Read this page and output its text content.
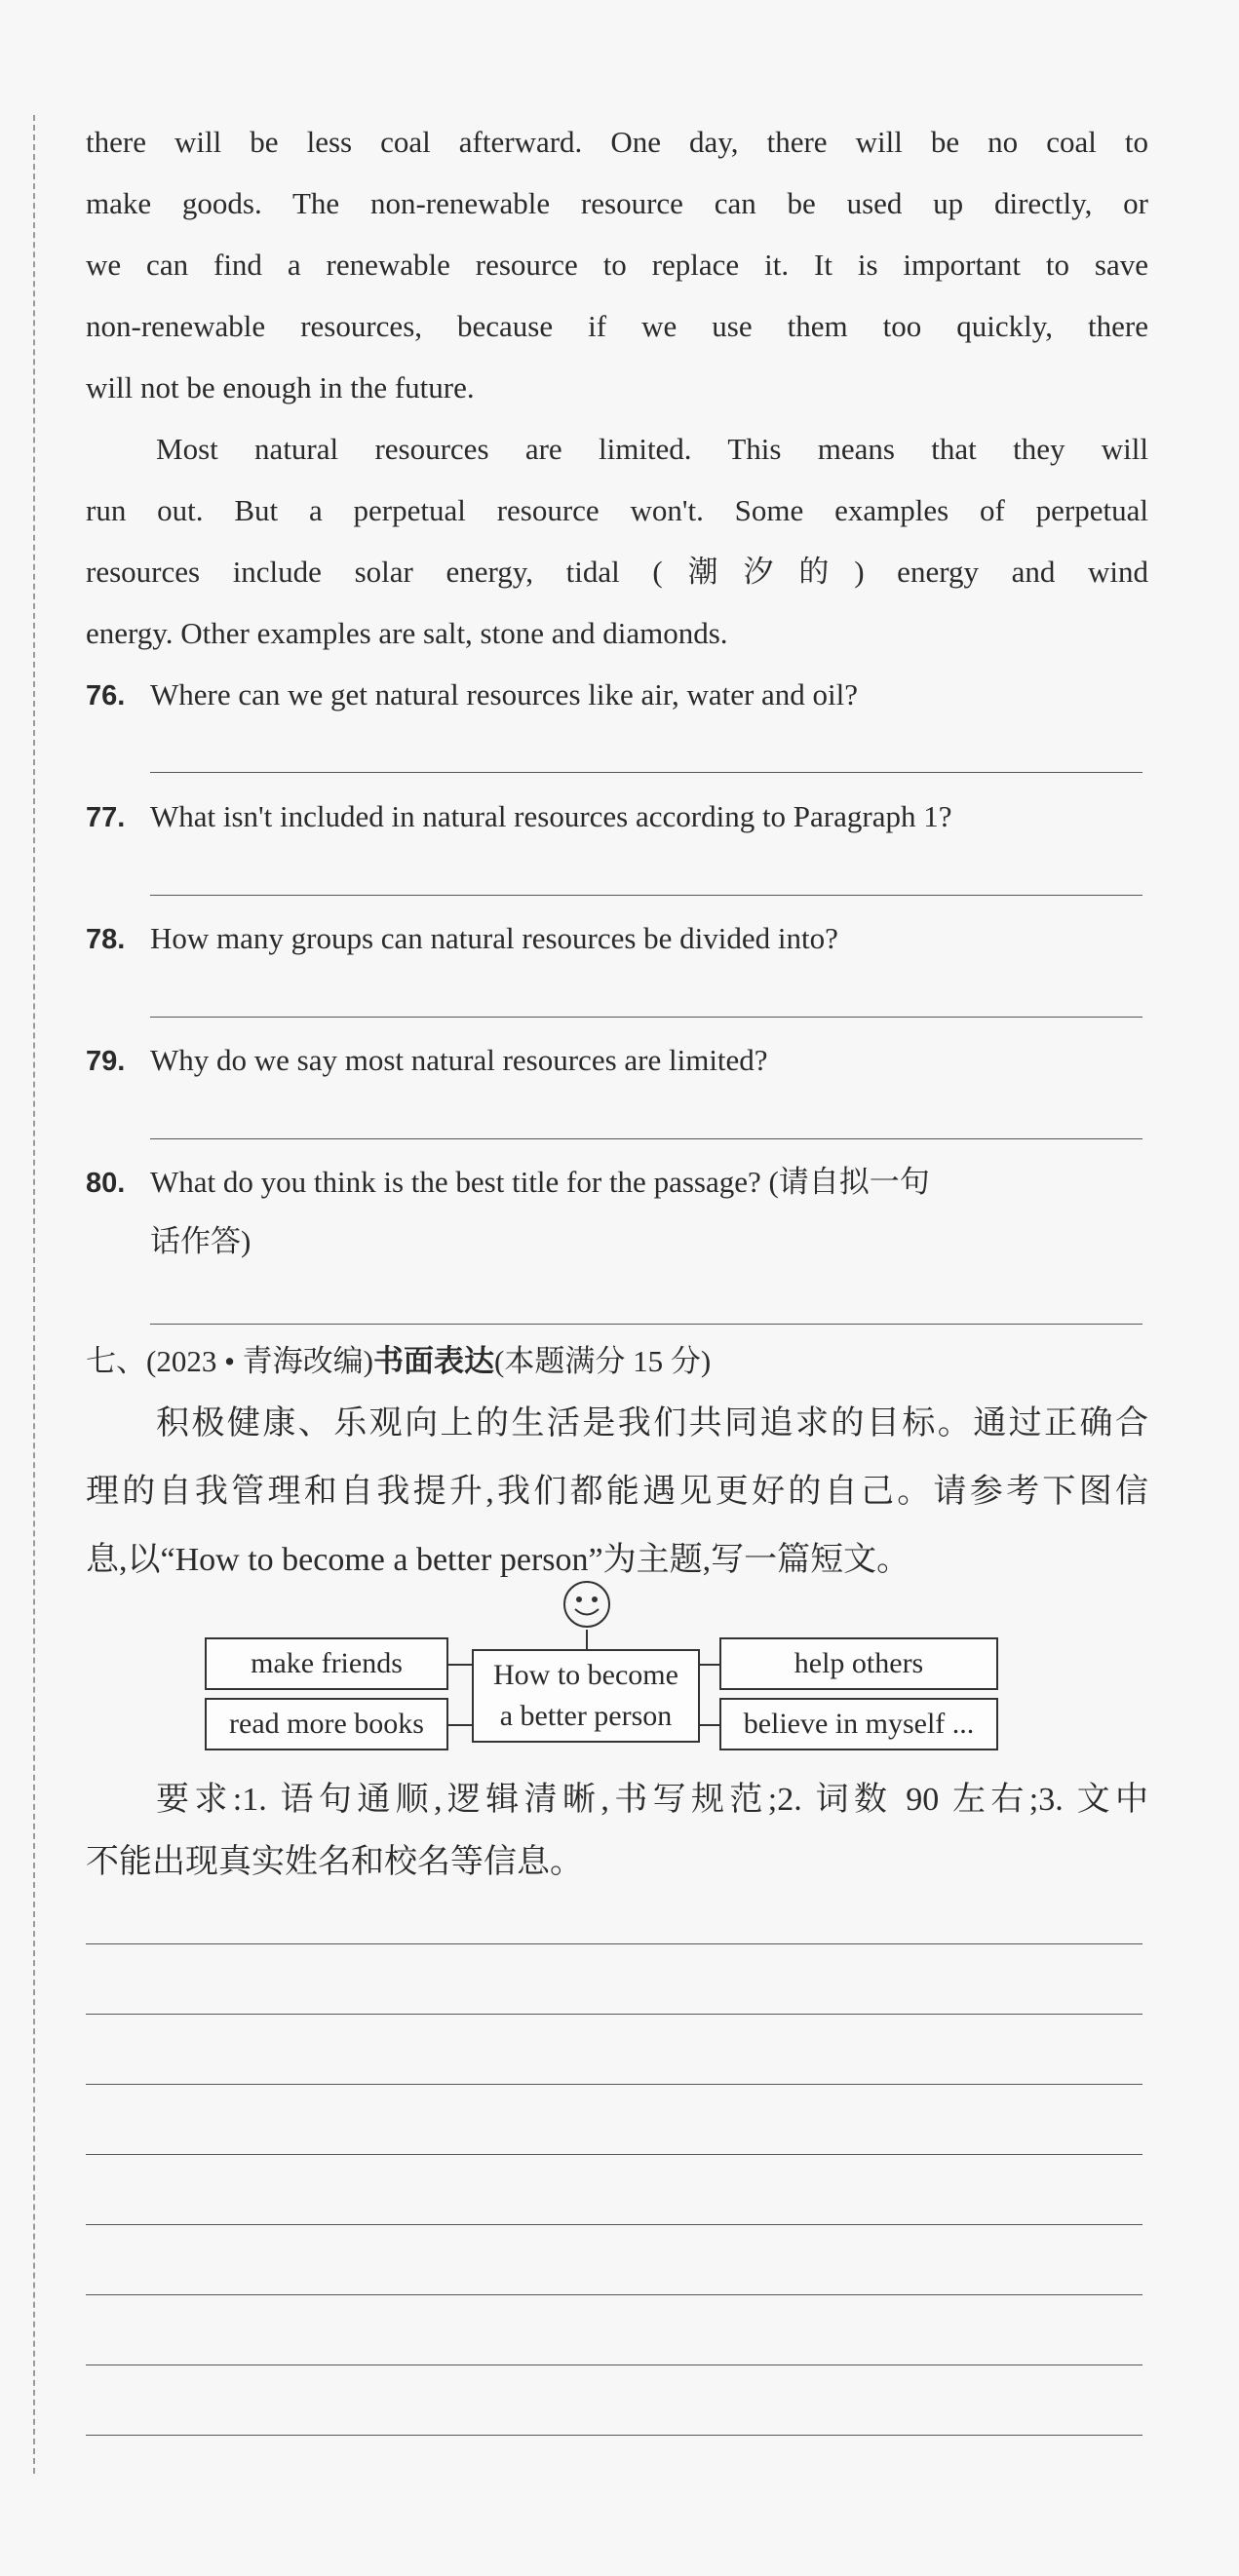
there will be less coal afterward. One day, there will be no coal to
make goods. The non-renewable resource can be used up directly, or
we can find a renewable resource to replace it. It is important to save
non-renewable resources, because if we use them too quickly, there
will not be enough in the future.
Most natural resources are limited. This means that they will
run out. But a perpetual resource won't. Some examples of perpetual
resources include solar energy, tidal (潮汐的) energy and wind
energy. Other examples are salt, stone and diamonds.
76. Where can we get natural resources like air, water and oil?
77. What isn't included in natural resources according to Paragraph 1?
78. How many groups can natural resources be divided into?
79. Why do we say most natural resources are limited?
80. What do you think is the best title for the passage? (请自拟一句
话作答)
七、(2023 • 青海改编)书面表达(本题满分 15 分)
积极健康、乐观向上的生活是我们共同追求的目标。通过正确合
理的自我管理和自我提升,我们都能遇见更好的自己。请参考下图信
息,以“How to become a better person”为主题,写一篇短文。
make friends
read more books
How to become
a better person
help others
believe in myself ...
要求:1. 语句通顺,逻辑清晰,书写规范;2. 词数 90 左右;3. 文中
不能出现真实姓名和校名等信息。
